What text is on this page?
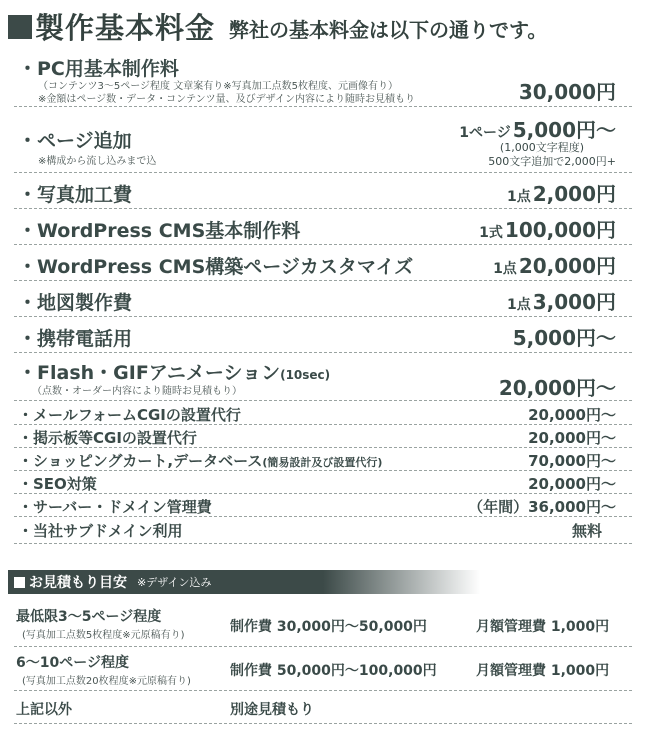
製作基本料金 弊社の基本料金は以下の通りです。
・PC用基本制作料
（コンテンツ3〜5ページ程度 文章案有り※写真加工点数5枚程度、元画像有り）
※金額はページ数・データ・コンテンツ量、及びデザイン内容により随時お見積もり	30,000円
・ページ追加
※構成から流し込みまで込
1ページ 5,000円〜
(1,000文字程度)
500文字追加で2,000円+
・写真加工費	1点 2,000円
・WordPress CMS基本制作料	1式 100,000円
・WordPress CMS構築ページカスタマイズ	1点 20,000円
・地図製作費	1点 3,000円
・携帯電話用	5,000円〜
・Flash・GIFアニメーション(10sec)
（点数・オーダー内容により随時お見積もり）	20,000円〜
・メールフォームCGIの設置代行	20,000円〜
・掲示板等CGIの設置代行	20,000円〜
・ショッピングカート,データベース(簡易設計及び設置代行)	70,000円〜
・SEO対策	20,000円〜
・サーバー・ドメイン管理費	（年間）36,000円〜
・当社サブドメイン利用	無料
お見積もり目安 ※デザイン込み
最低限3〜5ページ程度
(写真加工点数5枚程度※元原稿有り)
制作費 30,000円〜50,000円	月額管理費 1,000円
6〜10ページ程度
(写真加工点数20枚程度※元原稿有り)
制作費 50,000円〜100,000円	月額管理費 1,000円
上記以外	別途見積もり
